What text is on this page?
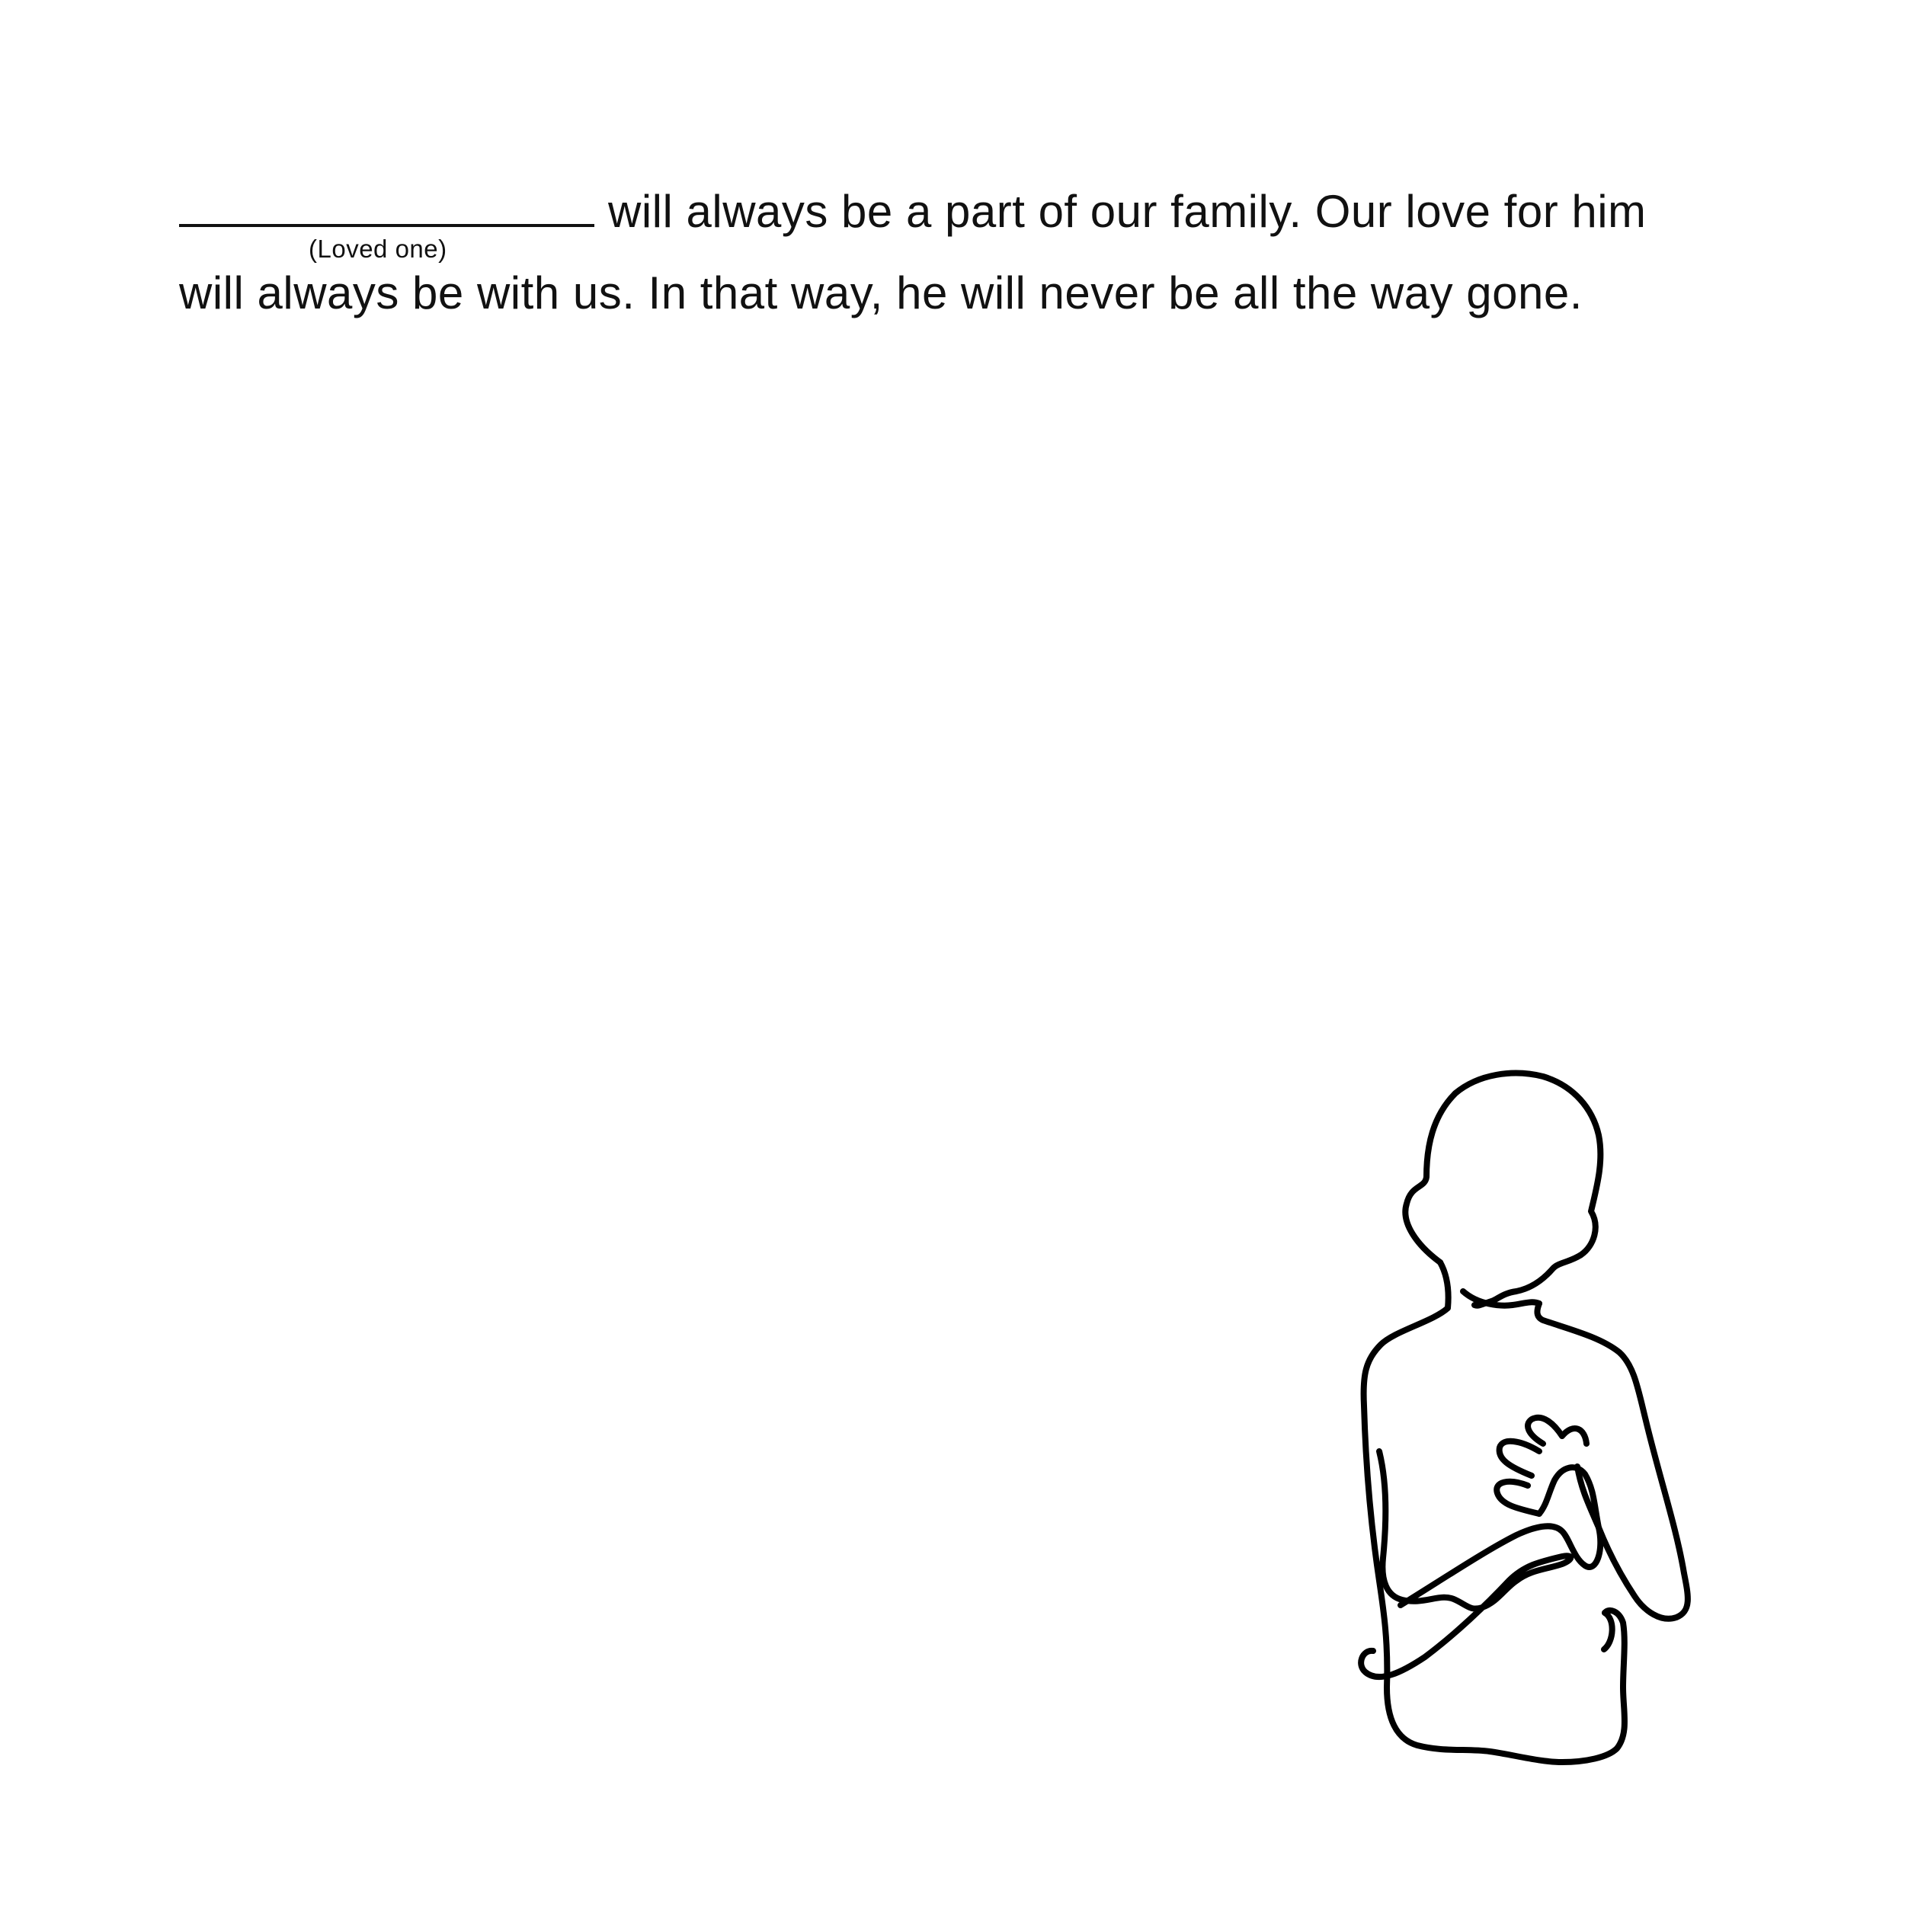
will always be a part of our family. Our love for him
(Loved one)
will always be with us. In that way, he will never be all the way gone.
